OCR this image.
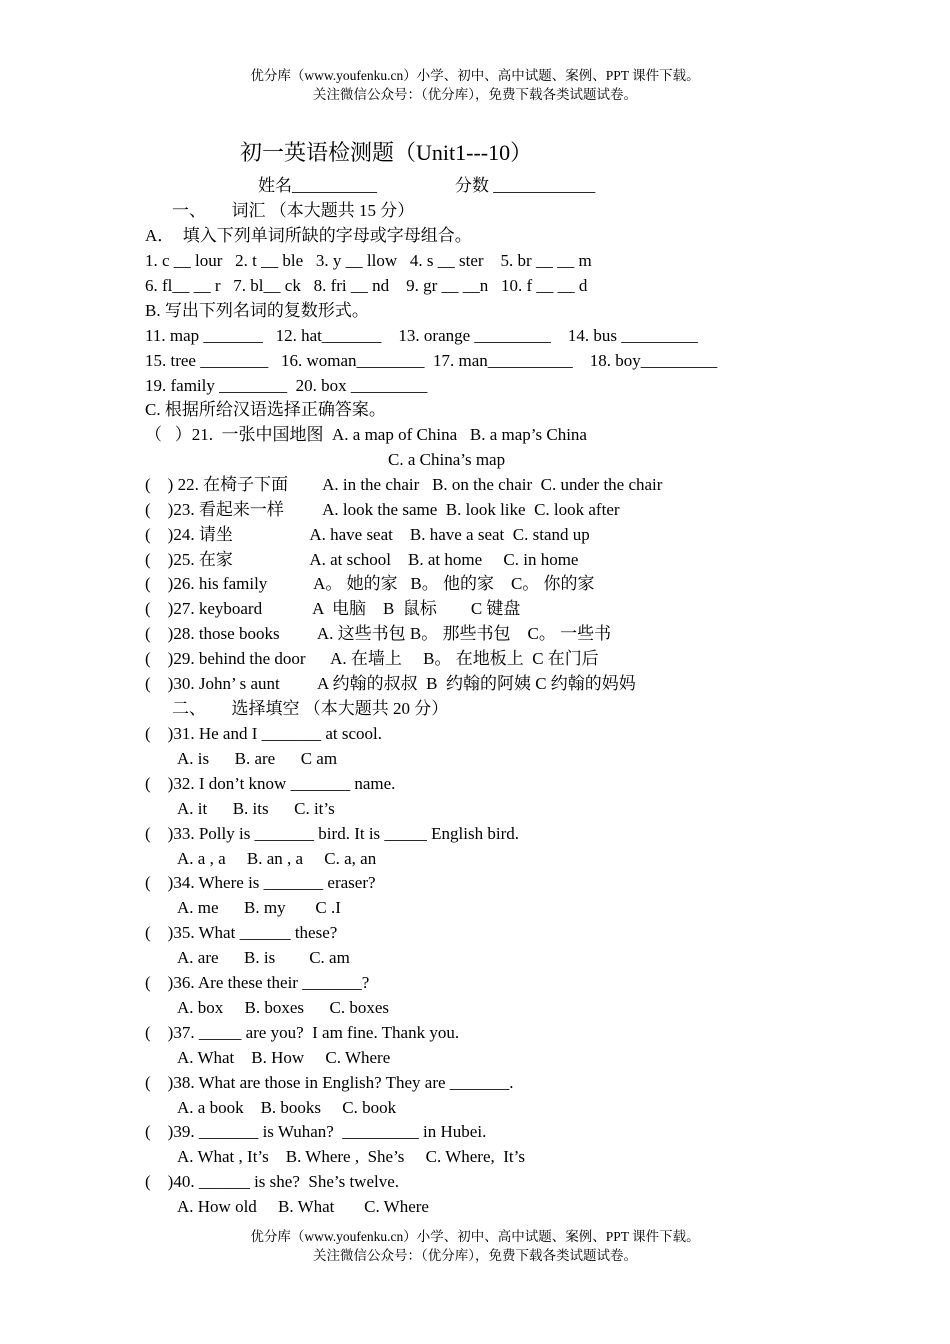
优分库（www.youfenku.cn）小学、初中、高中试题、案例、PPT 课件下载。
关注微信公众号：（优分库），免费下载各类试题试卷。
初一英语检测题（Unit1---10）
姓名__________	分数 ____________
一、      词汇 （本大题共 15 分）
A．  填入下列单词所缺的字母或字母组合。
1. c __ lour   2. t __ ble   3. y __ llow   4. s __ ster    5. br __ __ m
6. fl__ __ r   7. bl__ ck   8. fri __ nd    9. gr __ __n   10. f __ __ d
B. 写出下列名词的复数形式。
11. map _______   12. hat_______    13. orange _________    14. bus _________
15. tree ________   16. woman________  17. man__________    18. boy_________
19. family ________  20. box _________
C. 根据所给汉语选择正确答案。
（   ）21.  一张中国地图  A. a map of China   B. a map’s China
C. a China’s map
(    ) 22. 在椅子下面        A. in the chair   B. on the chair  C. under the chair
(    )23. 看起来一样         A. look the same  B. look like  C. look after
(    )24. 请坐                  A. have seat    B. have a seat  C. stand up
(    )25. 在家                  A. at school    B. at home     C. in home
(    )26. his family           A。 她的家   B。 他的家    C。 你的家
(    )27. keyboard            A  电脑    B  鼠标        C 键盘
(    )28. those books         A. 这些书包 B。 那些书包    C。 一些书
(    )29. behind the door      A. 在墙上     B。 在地板上  C 在门后
(    )30. John’ s aunt         A 约翰的叔叔  B  约翰的阿姨 C 约翰的妈妈
二、      选择填空 （本大题共 20 分）
(    )31. He and I _______ at scool.
A. is      B. are      C am
(    )32. I don’t know _______ name.
A. it      B. its      C. it’s
(    )33. Polly is _______ bird. It is _____ English bird.
A. a , a     B. an , a     C. a, an
(    )34. Where is _______ eraser?
A. me      B. my       C .I
(    )35. What ______ these?
A. are      B. is        C. am
(    )36. Are these their _______?
A. box     B. boxes      C. boxes
(    )37. _____ are you?  I am fine. Thank you.
A. What    B. How     C. Where
(    )38. What are those in English? They are _______.
A. a book    B. books     C. book
(    )39. _______ is Wuhan?  _________ in Hubei.
A. What , It’s    B. Where ,  She’s     C. Where,  It’s
(    )40. ______ is she?  She’s twelve.
A. How old     B. What       C. Where
优分库（www.youfenku.cn）小学、初中、高中试题、案例、PPT 课件下载。
关注微信公众号：（优分库），免费下载各类试题试卷。
